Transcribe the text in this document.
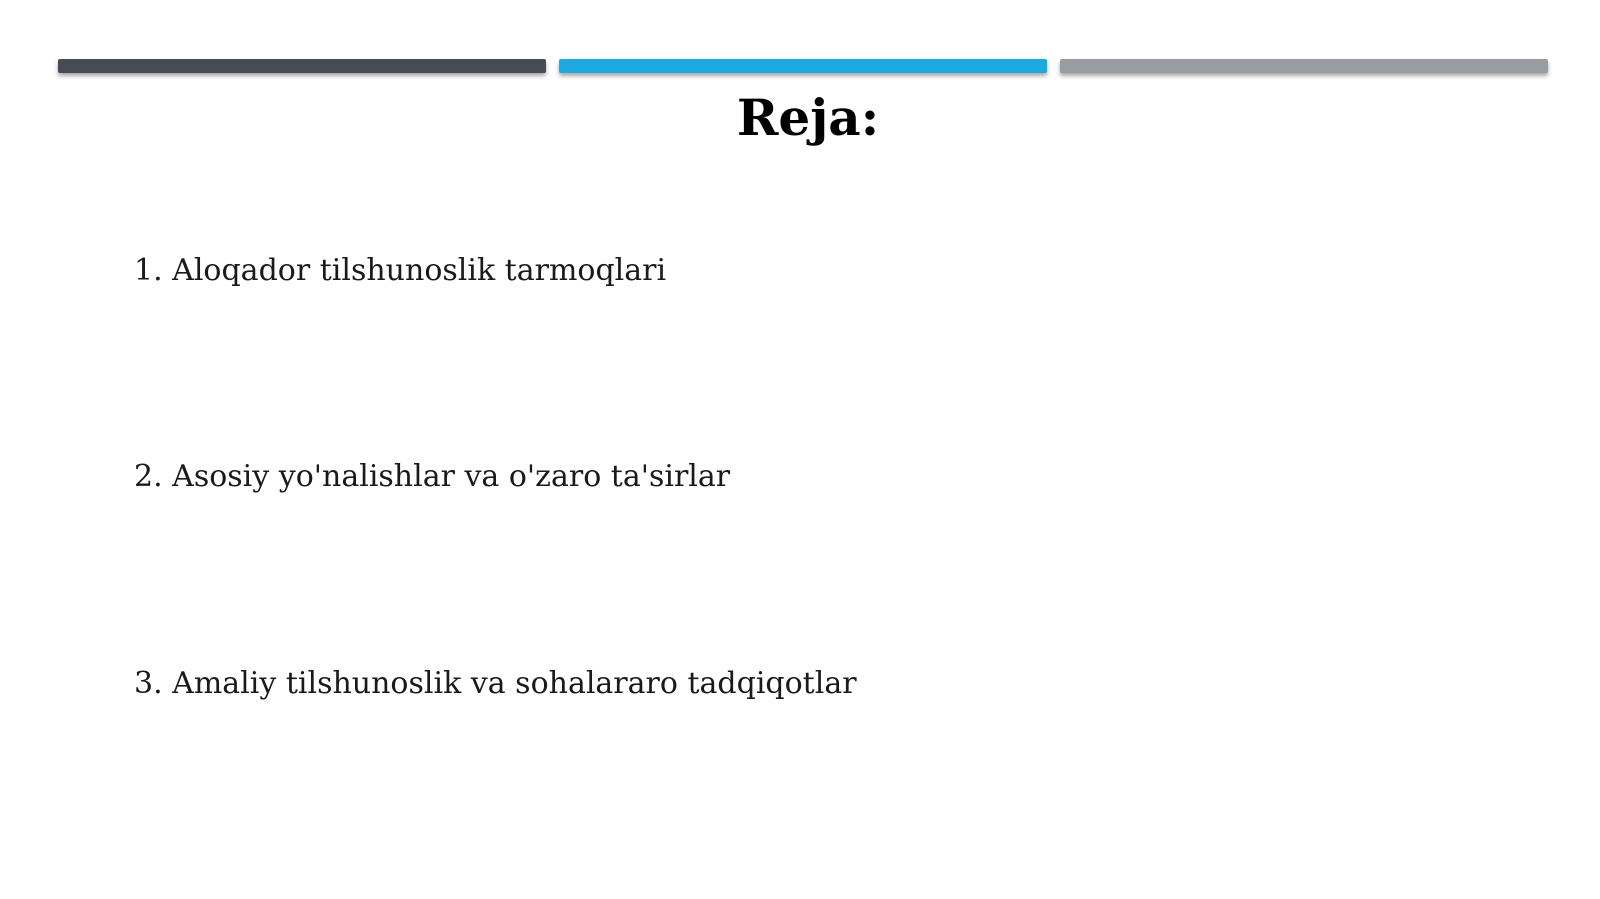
Reja:
1. Aloqador tilshunoslik tarmoqlari
2. Asosiy yo'nalishlar va o'zaro ta'sirlar
3. Amaliy tilshunoslik va sohalararo tadqiqotlar
